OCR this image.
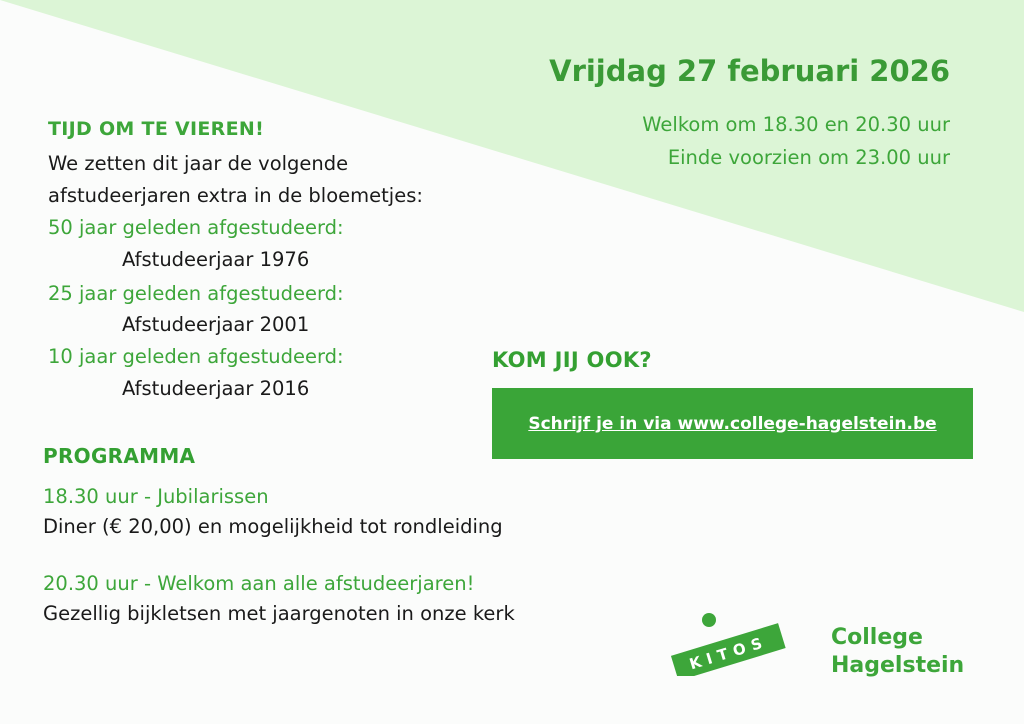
Vrijdag 27 februari 2026
Welkom om 18.30 en 20.30 uur
Einde voorzien om 23.00 uur
TIJD OM TE VIEREN!
We zetten dit jaar de volgende
afstudeerjaren extra in de bloemetjes:
50 jaar geleden afgestudeerd:
Afstudeerjaar 1976
25 jaar geleden afgestudeerd:
Afstudeerjaar 2001
10 jaar geleden afgestudeerd:
Afstudeerjaar 2016
PROGRAMMA
18.30 uur - Jubilarissen
Diner (€ 20,00) en mogelijkheid tot rondleiding
20.30 uur - Welkom aan alle afstudeerjaren!
Gezellig bijkletsen met jaargenoten in onze kerk
KOM JIJ OOK?
Schrijf je in via www.college-hagelstein.be
KITOS	College
Hagelstein
